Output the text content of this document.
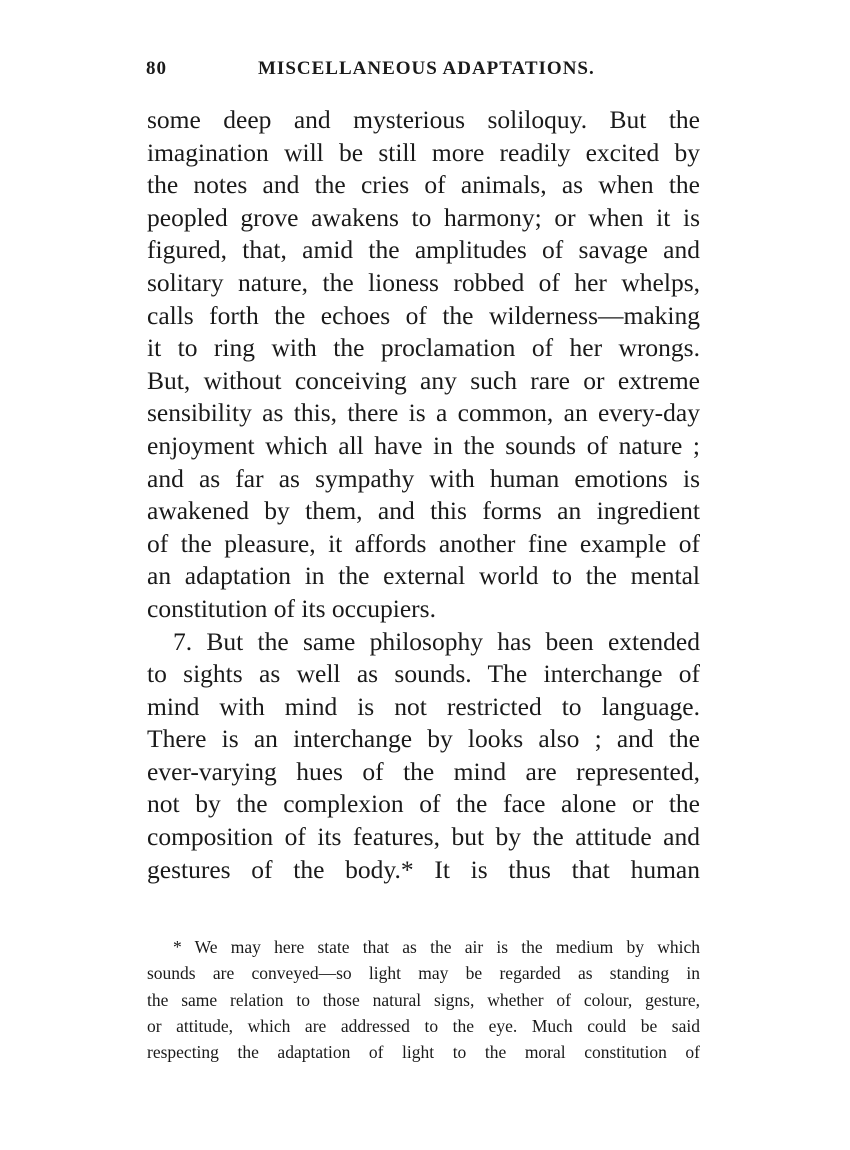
80	MISCELLANEOUS ADAPTATIONS.
some deep and mysterious soliloquy. But the
imagination will be still more readily excited by
the notes and the cries of animals, as when the
peopled grove awakens to harmony; or when it is
figured, that, amid the amplitudes of savage and
solitary nature, the lioness robbed of her whelps,
calls forth the echoes of the wilderness—making
it to ring with the proclamation of her wrongs.
But, without conceiving any such rare or extreme
sensibility as this, there is a common, an every-day
enjoyment which all have in the sounds of nature ;
and as far as sympathy with human emotions is
awakened by them, and this forms an ingredient
of the pleasure, it affords another fine example of
an adaptation in the external world to the mental
constitution of its occupiers.
7. But the same philosophy has been extended
to sights as well as sounds. The interchange of
mind with mind is not restricted to language.
There is an interchange by looks also ; and the
ever-varying hues of the mind are represented,
not by the complexion of the face alone or the
composition of its features, but by the attitude and
gestures of the body.* It is thus that human
* We may here state that as the air is the medium by which
sounds are conveyed—so light may be regarded as standing in
the same relation to those natural signs, whether of colour, gesture,
or attitude, which are addressed to the eye. Much could be said
respecting the adaptation of light to the moral constitution of
